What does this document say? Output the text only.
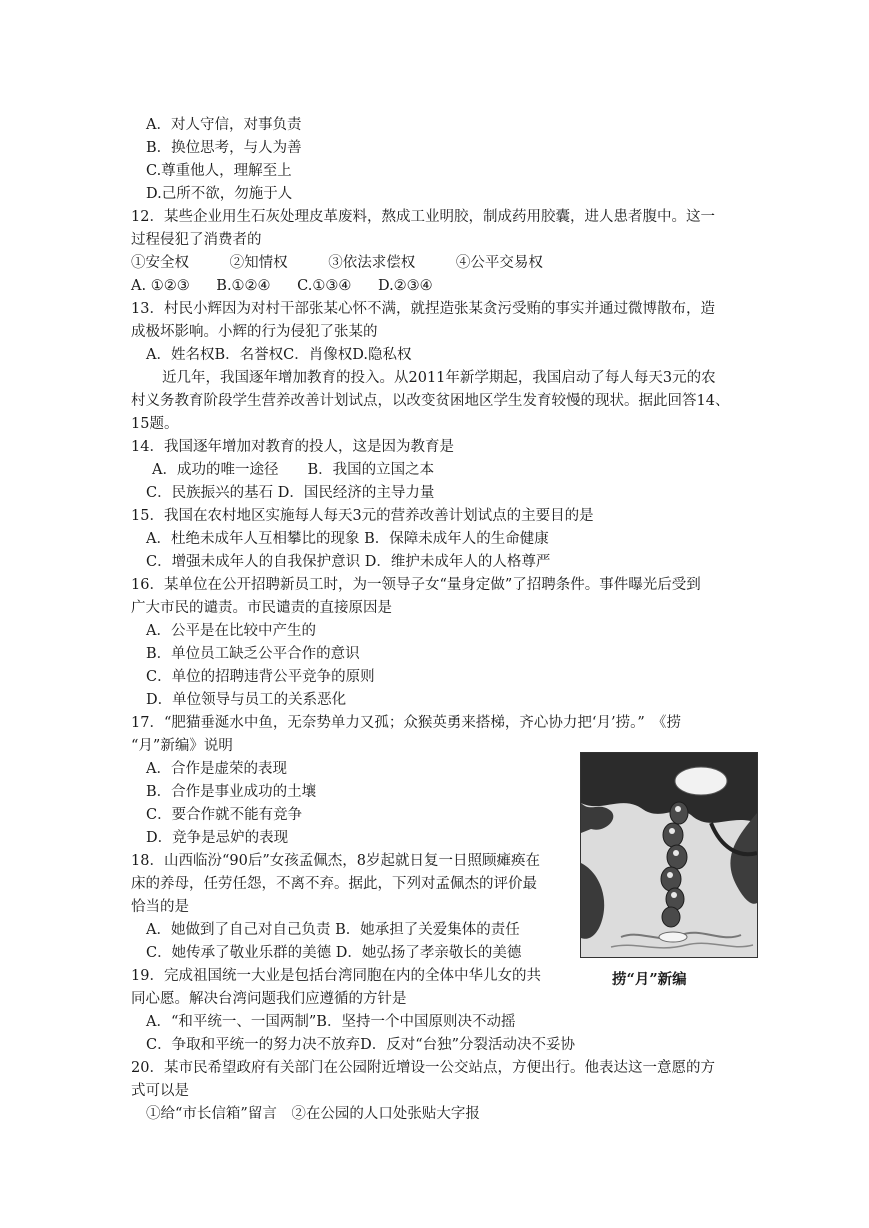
A．对人守信，对事负责
B．换位思考，与人为善
C.尊重他人，理解至上
D.己所不欲，勿施于人
12．某些企业用生石灰处理皮革废料，熬成工业明胶，制成药用胶囊，进人患者腹中。这一
过程侵犯了消费者的
①安全权	②知情权	③依法求偿权	④公平交易权
A. ①②③ B.①②④ C.①③④ D.②③④
13．村民小辉因为对村干部张某心怀不满，就捏造张某贪污受贿的事实并通过微博散布，造
成极坏影响。小辉的行为侵犯了张某的
A．姓名权B．名誉权C．肖像权D.隐私权
近几年，我国逐年增加教育的投入。从2011年新学期起，我国启动了每人每天3元的农
村义务教育阶段学生营养改善计划试点，以改变贫困地区学生发育较慢的现状。据此回答14、
15题。
14．我国逐年增加对教育的投人，这是因为教育是
A．成功的唯一途径　　B．我国的立国之本
C．民族振兴的基石 D．国民经济的主导力量
15．我国在农村地区实施每人每天3元的营养改善计划试点的主要目的是
A．杜绝未成年人互相攀比的现象 B．保障未成年人的生命健康
C．增强未成年人的自我保护意识 D．维护未成年人的人格尊严
16．某单位在公开招聘新员工时，为一领导子女“量身定做”了招聘条件。事件曝光后受到
广大市民的谴责。市民谴责的直接原因是
A．公平是在比较中产生的
B．单位员工缺乏公平合作的意识
C．单位的招聘违背公平竞争的原则
D．单位领导与员工的关系恶化
17．“肥猫垂涎水中鱼，无奈势单力又孤；众猴英勇来搭梯，齐心协力把‘月’捞。”　《捞
“月”新编》说明
A．合作是虚荣的表现
B．合作是事业成功的土壤
C．要合作就不能有竞争
D．竞争是忌妒的表现
18．山西临汾“90后”女孩孟佩杰，8岁起就日复一日照顾瘫痪在
床的养母，任劳任怨，不离不弃。据此，下列对孟佩杰的评价最
恰当的是
A．她做到了自己对自己负责 B．她承担了关爱集体的责任
C．她传承了敬业乐群的美德 D．她弘扬了孝亲敬长的美德
19．完成祖国统一大业是包括台湾同胞在内的全体中华儿女的共
同心愿。解决台湾问题我们应遵循的方针是
A．“和平统一、一国两制”B．坚持一个中国原则决不动摇
C．争取和平统一的努力决不放弃D．反对“台独”分裂活动决不妥协
20．某市民希望政府有关部门在公园附近增设一公交站点，方便出行。他表达这一意愿的方
式可以是
①给“市长信箱”留言　②在公园的人口处张贴大字报
捞“月”新编
